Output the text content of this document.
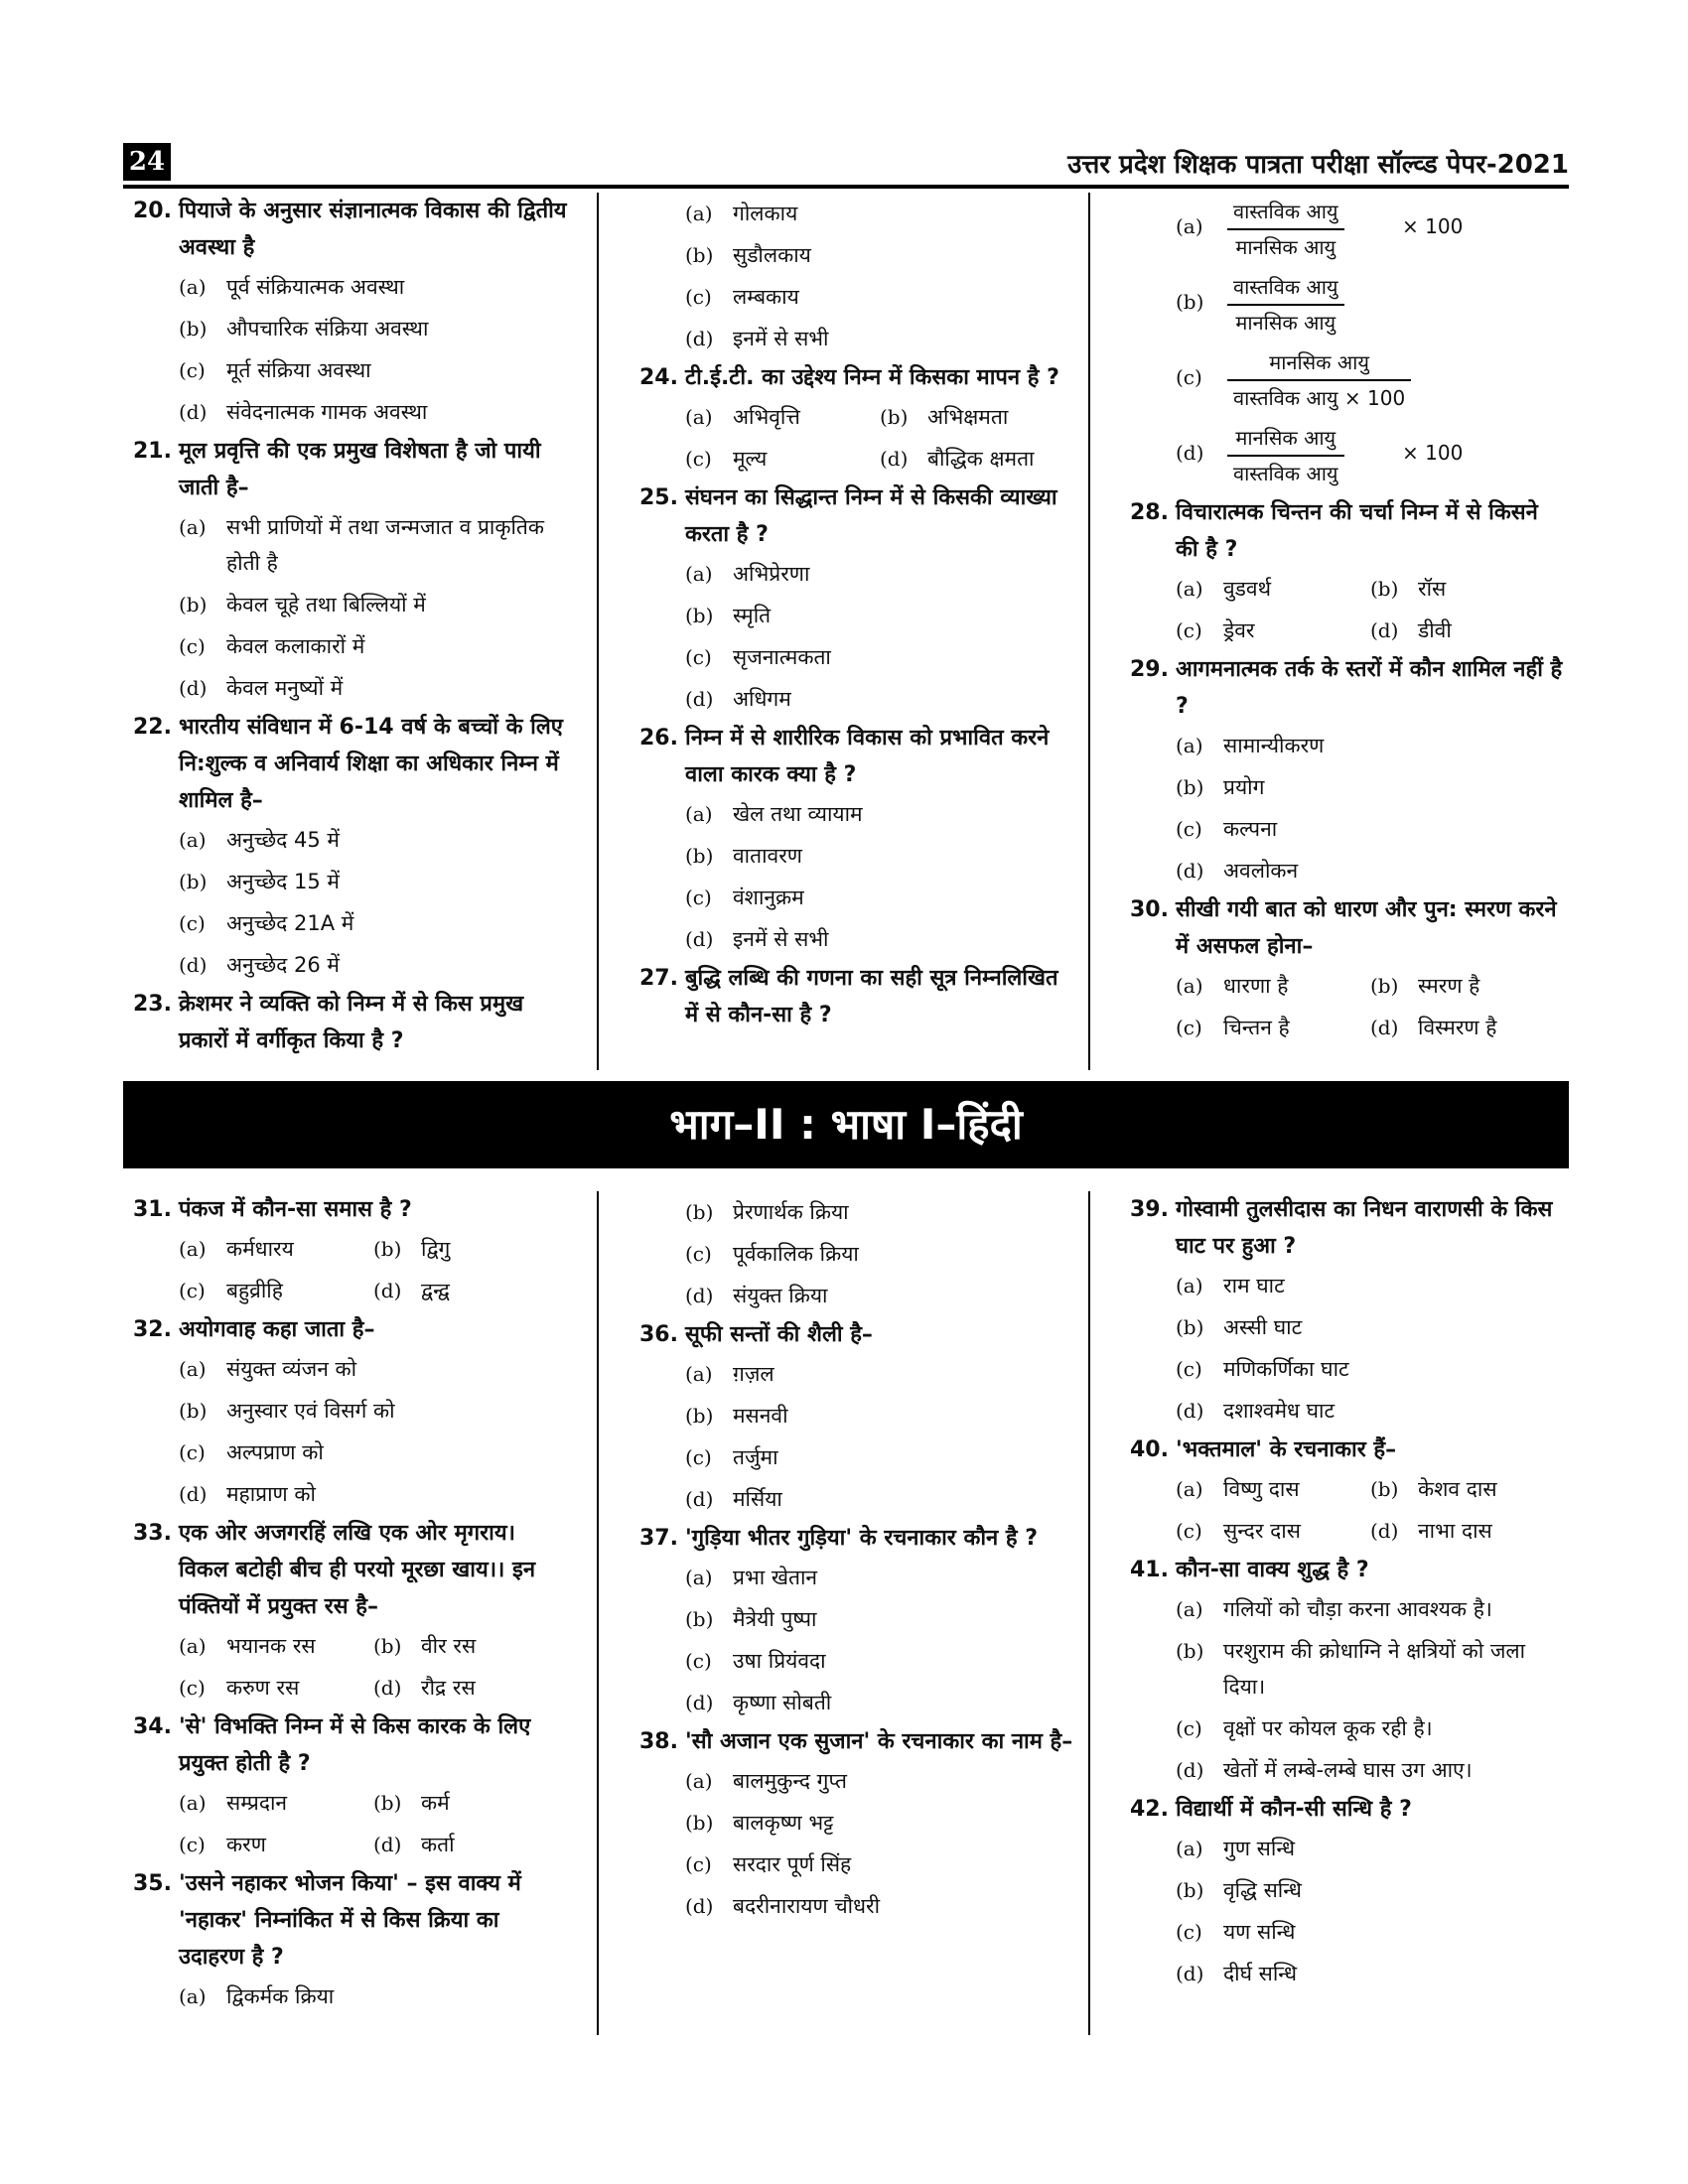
24	उत्तर प्रदेश शिक्षक पात्रता परीक्षा सॉल्व्ड पेपर-2021
20. पियाजे के अनुसार संज्ञानात्मक विकास की द्वितीय अवस्था है
(a) पूर्व संक्रियात्मक अवस्था
(b) औपचारिक संक्रिया अवस्था
(c) मूर्त संक्रिया अवस्था
(d) संवेदनात्मक गामक अवस्था
21. मूल प्रवृत्ति की एक प्रमुख विशेषता है जो पायी जाती है–
(a) सभी प्राणियों में तथा जन्मजात व प्राकृतिक होती है
(b) केवल चूहे तथा बिल्लियों में
(c) केवल कलाकारों में
(d) केवल मनुष्यों में
22. भारतीय संविधान में 6-14 वर्ष के बच्चों के लिए नि:शुल्क व अनिवार्य शिक्षा का अधिकार निम्न में शामिल है–
(a) अनुच्छेद 45 में
(b) अनुच्छेद 15 में
(c) अनुच्छेद 21A में
(d) अनुच्छेद 26 में
23. क्रेशमर ने व्यक्ति को निम्न में से किस प्रमुख प्रकारों में वर्गीकृत किया है ?
(a) गोलकाय
(b) सुडौलकाय
(c) लम्बकाय
(d) इनमें से सभी
24. टी.ई.टी. का उद्देश्य निम्न में किसका मापन है ?
(a) अभिवृत्ति	(b) अभिक्षमता
(c) मूल्य	(d) बौद्धिक क्षमता
25. संघनन का सिद्धान्त निम्न में से किसकी व्याख्या करता है ?
(a) अभिप्रेरणा
(b) स्मृति
(c) सृजनात्मकता
(d) अधिगम
26. निम्न में से शारीरिक विकास को प्रभावित करने वाला कारक क्या है ?
(a) खेल तथा व्यायाम
(b) वातावरण
(c) वंशानुक्रम
(d) इनमें से सभी
27. बुद्धि लब्धि की गणना का सही सूत्र निम्नलिखित में से कौन-सा है ?
(a)
वास्तविक आयु
मानसिक आयु
× 100
(b)
वास्तविक आयु
मानसिक आयु
(c)
मानसिक आयु
वास्तविक आयु × 100
(d)
मानसिक आयु
वास्तविक आयु
× 100
28. विचारात्मक चिन्तन की चर्चा निम्न में से किसने की है ?
(a) वुडवर्थ	(b) रॉस
(c) ड्रेवर	(d) डीवी
29. आगमनात्मक तर्क के स्तरों में कौन शामिल नहीं है ?
(a) सामान्यीकरण
(b) प्रयोग
(c) कल्पना
(d) अवलोकन
30. सीखी गयी बात को धारण और पुन: स्मरण करने में असफल होना–
(a) धारणा है	(b) स्मरण है
(c) चिन्तन है	(d) विस्मरण है
भाग–II : भाषा I–हिंदी
31. पंकज में कौन-सा समास है ?
(a) कर्मधारय	(b) द्विगु
(c) बहुव्रीहि	(d) द्वन्द्व
32. अयोगवाह कहा जाता है–
(a) संयुक्त व्यंजन को
(b) अनुस्वार एवं विसर्ग को
(c) अल्पप्राण को
(d) महाप्राण को
33. एक ओर अजगरहिं लखि एक ओर मृगराय। विकल बटोही बीच ही परयो मूरछा खाय।। इन पंक्तियों में प्रयुक्त रस है–
(a) भयानक रस	(b) वीर रस
(c) करुण रस	(d) रौद्र रस
34. 'से' विभक्ति निम्न में से किस कारक के लिए प्रयुक्त होती है ?
(a) सम्प्रदान	(b) कर्म
(c) करण	(d) कर्ता
35. 'उसने नहाकर भोजन किया' – इस वाक्य में 'नहाकर' निम्नांकित में से किस क्रिया का उदाहरण है ?
(a) द्विकर्मक क्रिया
(b) प्रेरणार्थक क्रिया
(c) पूर्वकालिक क्रिया
(d) संयुक्त क्रिया
36. सूफी सन्तों की शैली है–
(a) ग़ज़ल
(b) मसनवी
(c) तर्जुमा
(d) मर्सिया
37. 'गुड़िया भीतर गुड़िया' के रचनाकार कौन है ?
(a) प्रभा खेतान
(b) मैत्रेयी पुष्पा
(c) उषा प्रियंवदा
(d) कृष्णा सोबती
38. 'सौ अजान एक सुजान' के रचनाकार का नाम है–
(a) बालमुकुन्द गुप्त
(b) बालकृष्ण भट्ट
(c) सरदार पूर्ण सिंह
(d) बदरीनारायण चौधरी
39. गोस्वामी तुलसीदास का निधन वाराणसी के किस घाट पर हुआ ?
(a) राम घाट
(b) अस्सी घाट
(c) मणिकर्णिका घाट
(d) दशाश्वमेध घाट
40. 'भक्तमाल' के रचनाकार हैं–
(a) विष्णु दास	(b) केशव दास
(c) सुन्दर दास	(d) नाभा दास
41. कौन-सा वाक्य शुद्ध है ?
(a) गलियों को चौड़ा करना आवश्यक है।
(b) परशुराम की क्रोधाग्नि ने क्षत्रियों को जला दिया।
(c) वृक्षों पर कोयल कूक रही है।
(d) खेतों में लम्बे-लम्बे घास उग आए।
42. विद्यार्थी में कौन-सी सन्धि है ?
(a) गुण सन्धि
(b) वृद्धि सन्धि
(c) यण सन्धि
(d) दीर्घ सन्धि
